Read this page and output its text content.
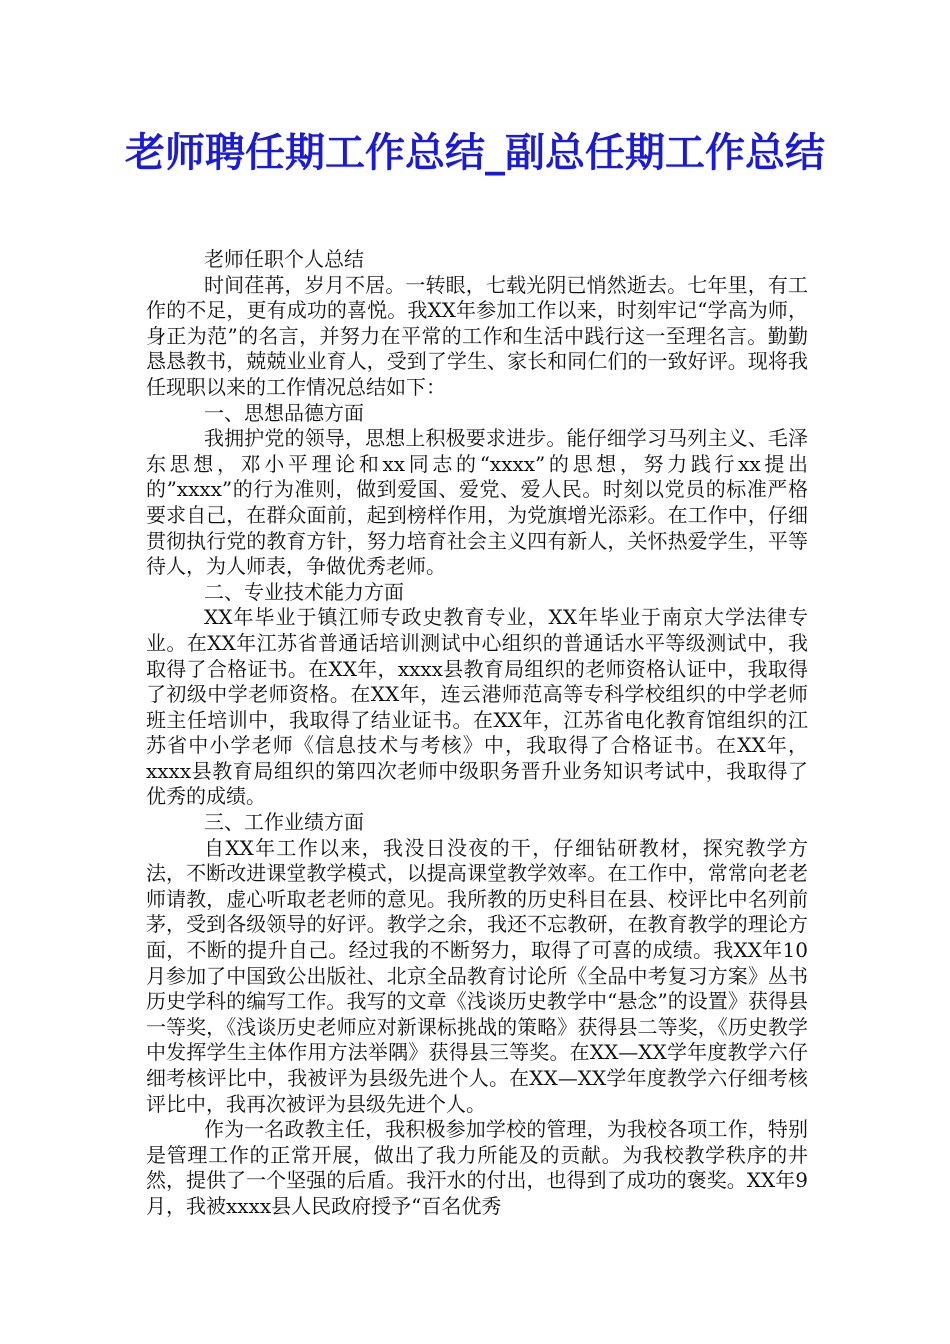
老师聘任期工作总结_副总任期工作总结

老师任职个人总结

时间荏苒，岁月不居。一转眼，七载光阴已悄然逝去。七年里，有工作的不足，更有成功的喜悦。我XX年参加工作以来，时刻牢记“学高为师，身正为范”的名言，并努力在平常的工作和生活中践行这一至理名言。勤勤恳恳教书，兢兢业业育人，受到了学生、家长和同仁们的一致好评。现将我任现职以来的工作情况总结如下：

一、思想品德方面

我拥护党的领导，思想上积极要求进步。能仔细学习马列主义、毛泽东思想，邓小平理论和xx同志的“xxxx”的思想，努力践行xx提出的”xxxx”的行为准则，做到爱国、爱党、爱人民。时刻以党员的标准严格要求自己，在群众面前，起到榜样作用，为党旗增光添彩。在工作中，仔细贯彻执行党的教育方针，努力培育社会主义四有新人，关怀热爱学生，平等待人，为人师表，争做优秀老师。

二、专业技术能力方面

XX年毕业于镇江师专政史教育专业，XX年毕业于南京大学法律专业。在XX年江苏省普通话培训测试中心组织的普通话水平等级测试中，我取得了合格证书。在XX年，xxxx县教育局组织的老师资格认证中，我取得了初级中学老师资格。在XX年，连云港师范高等专科学校组织的中学老师班主任培训中，我取得了结业证书。在XX年，江苏省电化教育馆组织的江苏省中小学老师《信息技术与考核》中，我取得了合格证书。在XX年，xxxx县教育局组织的第四次老师中级职务晋升业务知识考试中，我取得了优秀的成绩。

三、工作业绩方面

自XX年工作以来，我没日没夜的干，仔细钻研教材，探究教学方法，不断改进课堂教学模式，以提高课堂教学效率。在工作中，常常向老老师请教，虚心听取老老师的意见。我所教的历史科目在县、校评比中名列前茅，受到各级领导的好评。教学之余，我还不忘教研，在教育教学的理论方面，不断的提升自己。经过我的不断努力，取得了可喜的成绩。我XX年10月参加了中国致公出版社、北京全品教育讨论所《全品中考复习方案》丛书历史学科的编写工作。我写的文章《浅谈历史教学中“悬念”的设置》获得县一等奖，《浅谈历史老师应对新课标挑战的策略》获得县二等奖，《历史教学中发挥学生主体作用方法举隅》获得县三等奖。在XX—XX学年度教学六仔细考核评比中，我被评为县级先进个人。在XX—XX学年度教学六仔细考核评比中，我再次被评为县级先进个人。

作为一名政教主任，我积极参加学校的管理，为我校各项工作，特别是管理工作的正常开展，做出了我力所能及的贡献。为我校教学秩序的井然，提供了一个坚强的后盾。我汗水的付出，也得到了成功的褒奖。XX年9月，我被xxxx县人民政府授予“百名优秀
